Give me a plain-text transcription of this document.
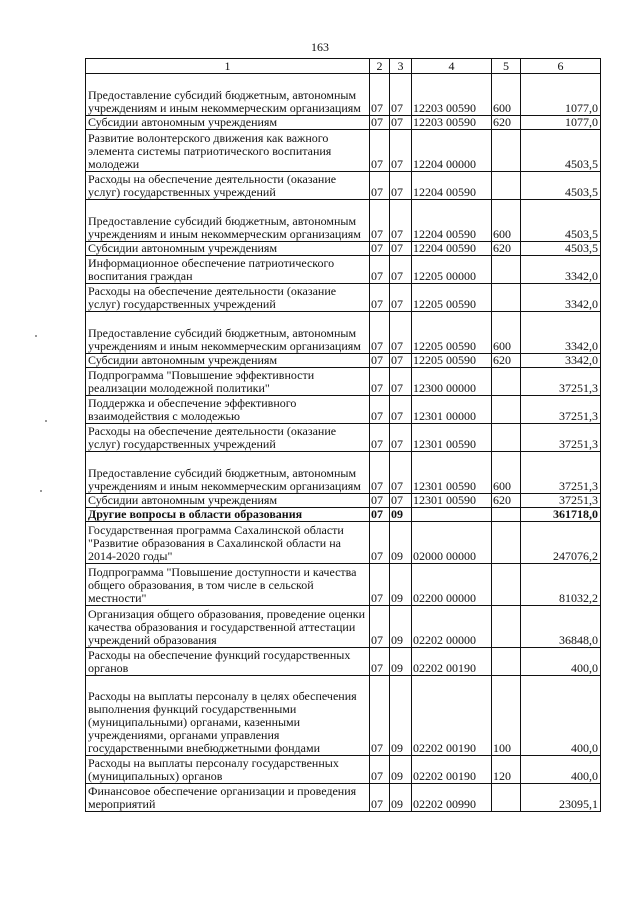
163
1	2	3	4	5	6
Предоставление субсидий бюджетным, автономным учреждениям и иным некоммерческим организациям	07	07	12203 00590	600	1077,0
Субсидии автономным учреждениям	07	07	12203 00590	620	1077,0
Развитие волонтерского движения как важного элемента системы патриотического воспитания молодежи	07	07	12204 00000		4503,5
Расходы на обеспечение деятельности (оказание услуг) государственных учреждений	07	07	12204 00590		4503,5
Предоставление субсидий бюджетным, автономным учреждениям и иным некоммерческим организациям	07	07	12204 00590	600	4503,5
Субсидии автономным учреждениям	07	07	12204 00590	620	4503,5
Информационное обеспечение патриотического воспитания граждан	07	07	12205 00000		3342,0
Расходы на обеспечение деятельности (оказание услуг) государственных учреждений	07	07	12205 00590		3342,0
Предоставление субсидий бюджетным, автономным учреждениям и иным некоммерческим организациям	07	07	12205 00590	600	3342,0
Субсидии автономным учреждениям	07	07	12205 00590	620	3342,0
Подпрограмма "Повышение эффективности реализации молодежной политики"	07	07	12300 00000		37251,3
Поддержка и обеспечение эффективного взаимодействия с молодежью	07	07	12301 00000		37251,3
Расходы на обеспечение деятельности (оказание услуг) государственных учреждений	07	07	12301 00590		37251,3
Предоставление субсидий бюджетным, автономным учреждениям и иным некоммерческим организациям	07	07	12301 00590	600	37251,3
Субсидии автономным учреждениям	07	07	12301 00590	620	37251,3
Другие вопросы в области образования	07	09			361718,0
Государственная программа Сахалинской области "Развитие образования в Сахалинской области на 2014-2020 годы"	07	09	02000 00000		247076,2
Подпрограмма "Повышение доступности и качества общего образования, в том числе в сельской местности"	07	09	02200 00000		81032,2
Организация общего образования, проведение оценки качества образования и государственной аттестации учреждений образования	07	09	02202 00000		36848,0
Расходы на обеспечение функций государственных органов	07	09	02202 00190		400,0
Расходы на выплаты персоналу в целях обеспечения выполнения функций государственными (муниципальными) органами, казенными учреждениями, органами управления государственными внебюджетными фондами	07	09	02202 00190	100	400,0
Расходы на выплаты персоналу государственных (муниципальных) органов	07	09	02202 00190	120	400,0
Финансовое обеспечение организации и проведения мероприятий	07	09	02202 00990		23095,1
